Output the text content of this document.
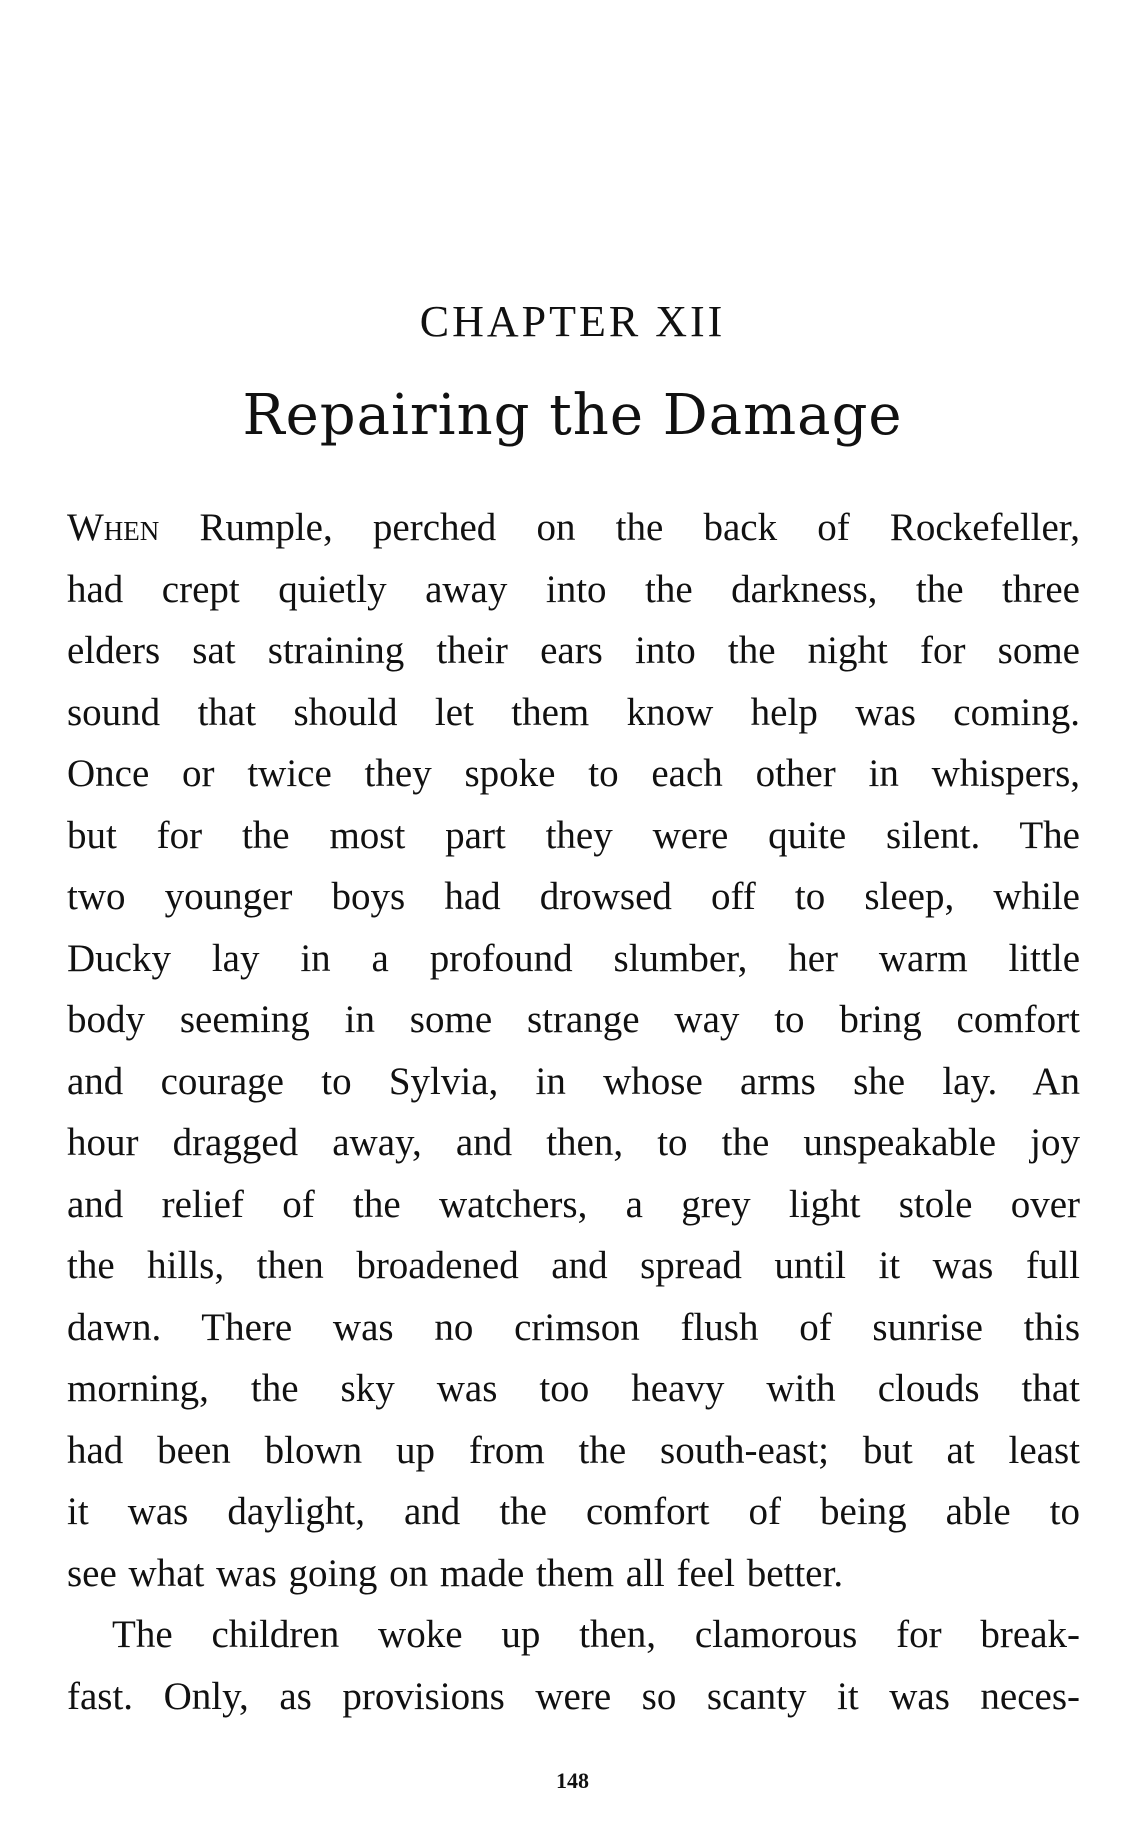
CHAPTER XII
Repairing the Damage
When Rumple, perched on the back of Rockefeller,
had crept quietly away into the darkness, the three
elders sat straining their ears into the night for some
sound that should let them know help was coming.
Once or twice they spoke to each other in whispers,
but for the most part they were quite silent. The
two younger boys had drowsed off to sleep, while
Ducky lay in a profound slumber, her warm little
body seeming in some strange way to bring comfort
and courage to Sylvia, in whose arms she lay. An
hour dragged away, and then, to the unspeakable joy
and relief of the watchers, a grey light stole over
the hills, then broadened and spread until it was full
dawn. There was no crimson flush of sunrise this
morning, the sky was too heavy with clouds that
had been blown up from the south-east; but at least
it was daylight, and the comfort of being able to
see what was going on made them all feel better.
The children woke up then, clamorous for break-
fast. Only, as provisions were so scanty it was neces-
148
